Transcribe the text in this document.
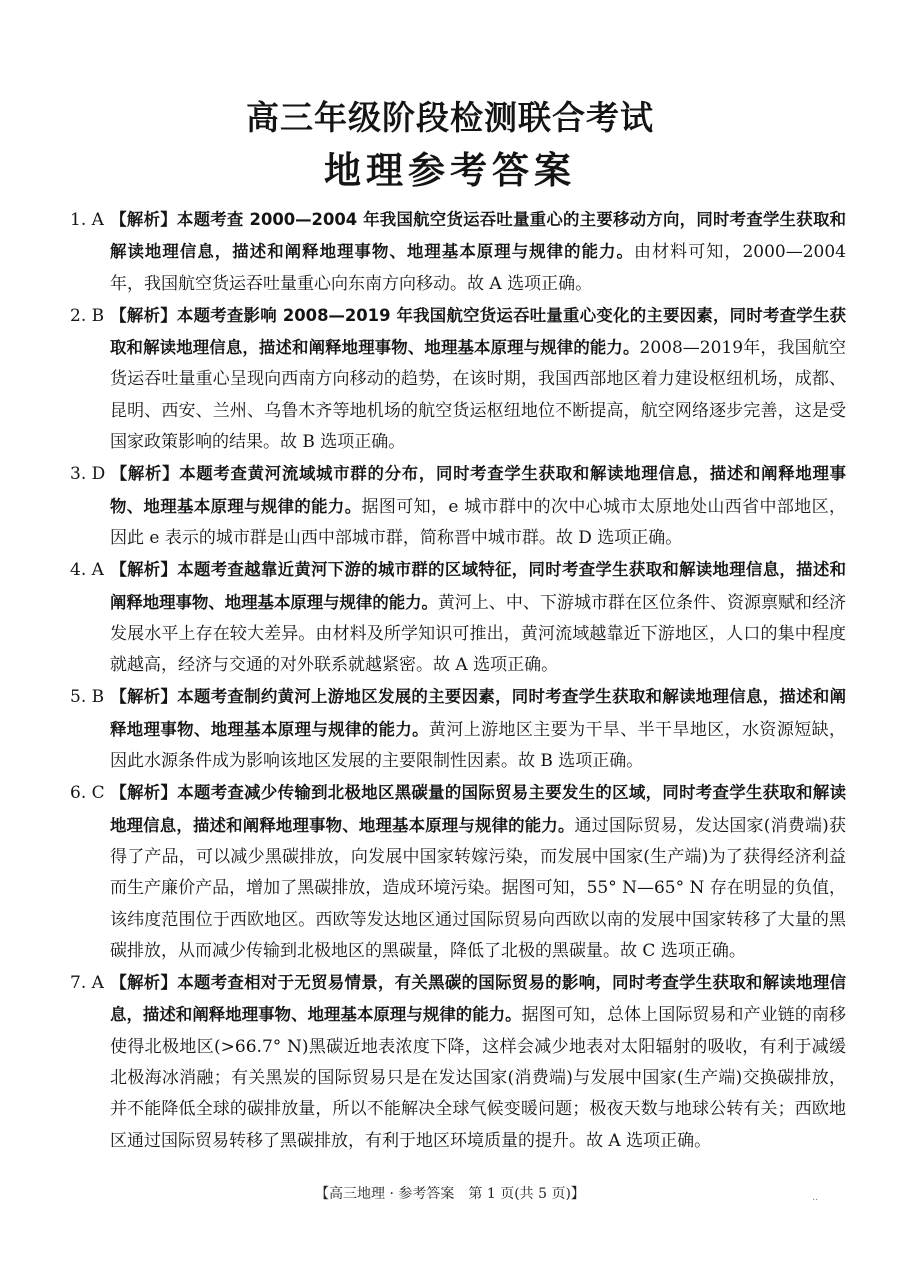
高三年级阶段检测联合考试
地理参考答案

1. A 【解析】本题考查 2000—2004 年我国航空货运吞吐量重心的主要移动方向，同时考查学生获取和解读地理信息，描述和阐释地理事物、地理基本原理与规律的能力。由材料可知，2000—2004 年，我国航空货运吞吐量重心向东南方向移动。故 A 选项正确。

2. B 【解析】本题考查影响 2008—2019 年我国航空货运吞吐量重心变化的主要因素，同时考查学生获取和解读地理信息，描述和阐释地理事物、地理基本原理与规律的能力。2008—2019年，我国航空货运吞吐量重心呈现向西南方向移动的趋势，在该时期，我国西部地区着力建设枢纽机场，成都、昆明、西安、兰州、乌鲁木齐等地机场的航空货运枢纽地位不断提高，航空网络逐步完善，这是受国家政策影响的结果。故 B 选项正确。

3. D 【解析】本题考查黄河流域城市群的分布，同时考查学生获取和解读地理信息，描述和阐释地理事物、地理基本原理与规律的能力。据图可知，e 城市群中的次中心城市太原地处山西省中部地区，因此 e 表示的城市群是山西中部城市群，简称晋中城市群。故 D 选项正确。

4. A 【解析】本题考查越靠近黄河下游的城市群的区域特征，同时考查学生获取和解读地理信息，描述和阐释地理事物、地理基本原理与规律的能力。黄河上、中、下游城市群在区位条件、资源禀赋和经济发展水平上存在较大差异。由材料及所学知识可推出，黄河流域越靠近下游地区，人口的集中程度就越高，经济与交通的对外联系就越紧密。故 A 选项正确。

5. B 【解析】本题考查制约黄河上游地区发展的主要因素，同时考查学生获取和解读地理信息，描述和阐释地理事物、地理基本原理与规律的能力。黄河上游地区主要为干旱、半干旱地区，水资源短缺，因此水源条件成为影响该地区发展的主要限制性因素。故 B 选项正确。

6. C 【解析】本题考查减少传输到北极地区黑碳量的国际贸易主要发生的区域，同时考查学生获取和解读地理信息，描述和阐释地理事物、地理基本原理与规律的能力。通过国际贸易，发达国家(消费端)获得了产品，可以减少黑碳排放，向发展中国家转嫁污染，而发展中国家(生产端)为了获得经济利益而生产廉价产品，增加了黑碳排放，造成环境污染。据图可知，55° N—65° N 存在明显的负值，该纬度范围位于西欧地区。西欧等发达地区通过国际贸易向西欧以南的发展中国家转移了大量的黑碳排放，从而减少传输到北极地区的黑碳量，降低了北极的黑碳量。故 C 选项正确。

7. A 【解析】本题考查相对于无贸易情景，有关黑碳的国际贸易的影响，同时考查学生获取和解读地理信息，描述和阐释地理事物、地理基本原理与规律的能力。据图可知，总体上国际贸易和产业链的南移使得北极地区(>66.7° N)黑碳近地表浓度下降，这样会减少地表对太阳辐射的吸收，有利于减缓北极海冰消融；有关黑炭的国际贸易只是在发达国家(消费端)与发展中国家(生产端)交换碳排放，并不能降低全球的碳排放量，所以不能解决全球气候变暖问题；极夜天数与地球公转有关；西欧地区通过国际贸易转移了黑碳排放，有利于地区环境质量的提升。故 A 选项正确。

【高三地理 · 参考答案　第 1 页(共 5 页)】	..
